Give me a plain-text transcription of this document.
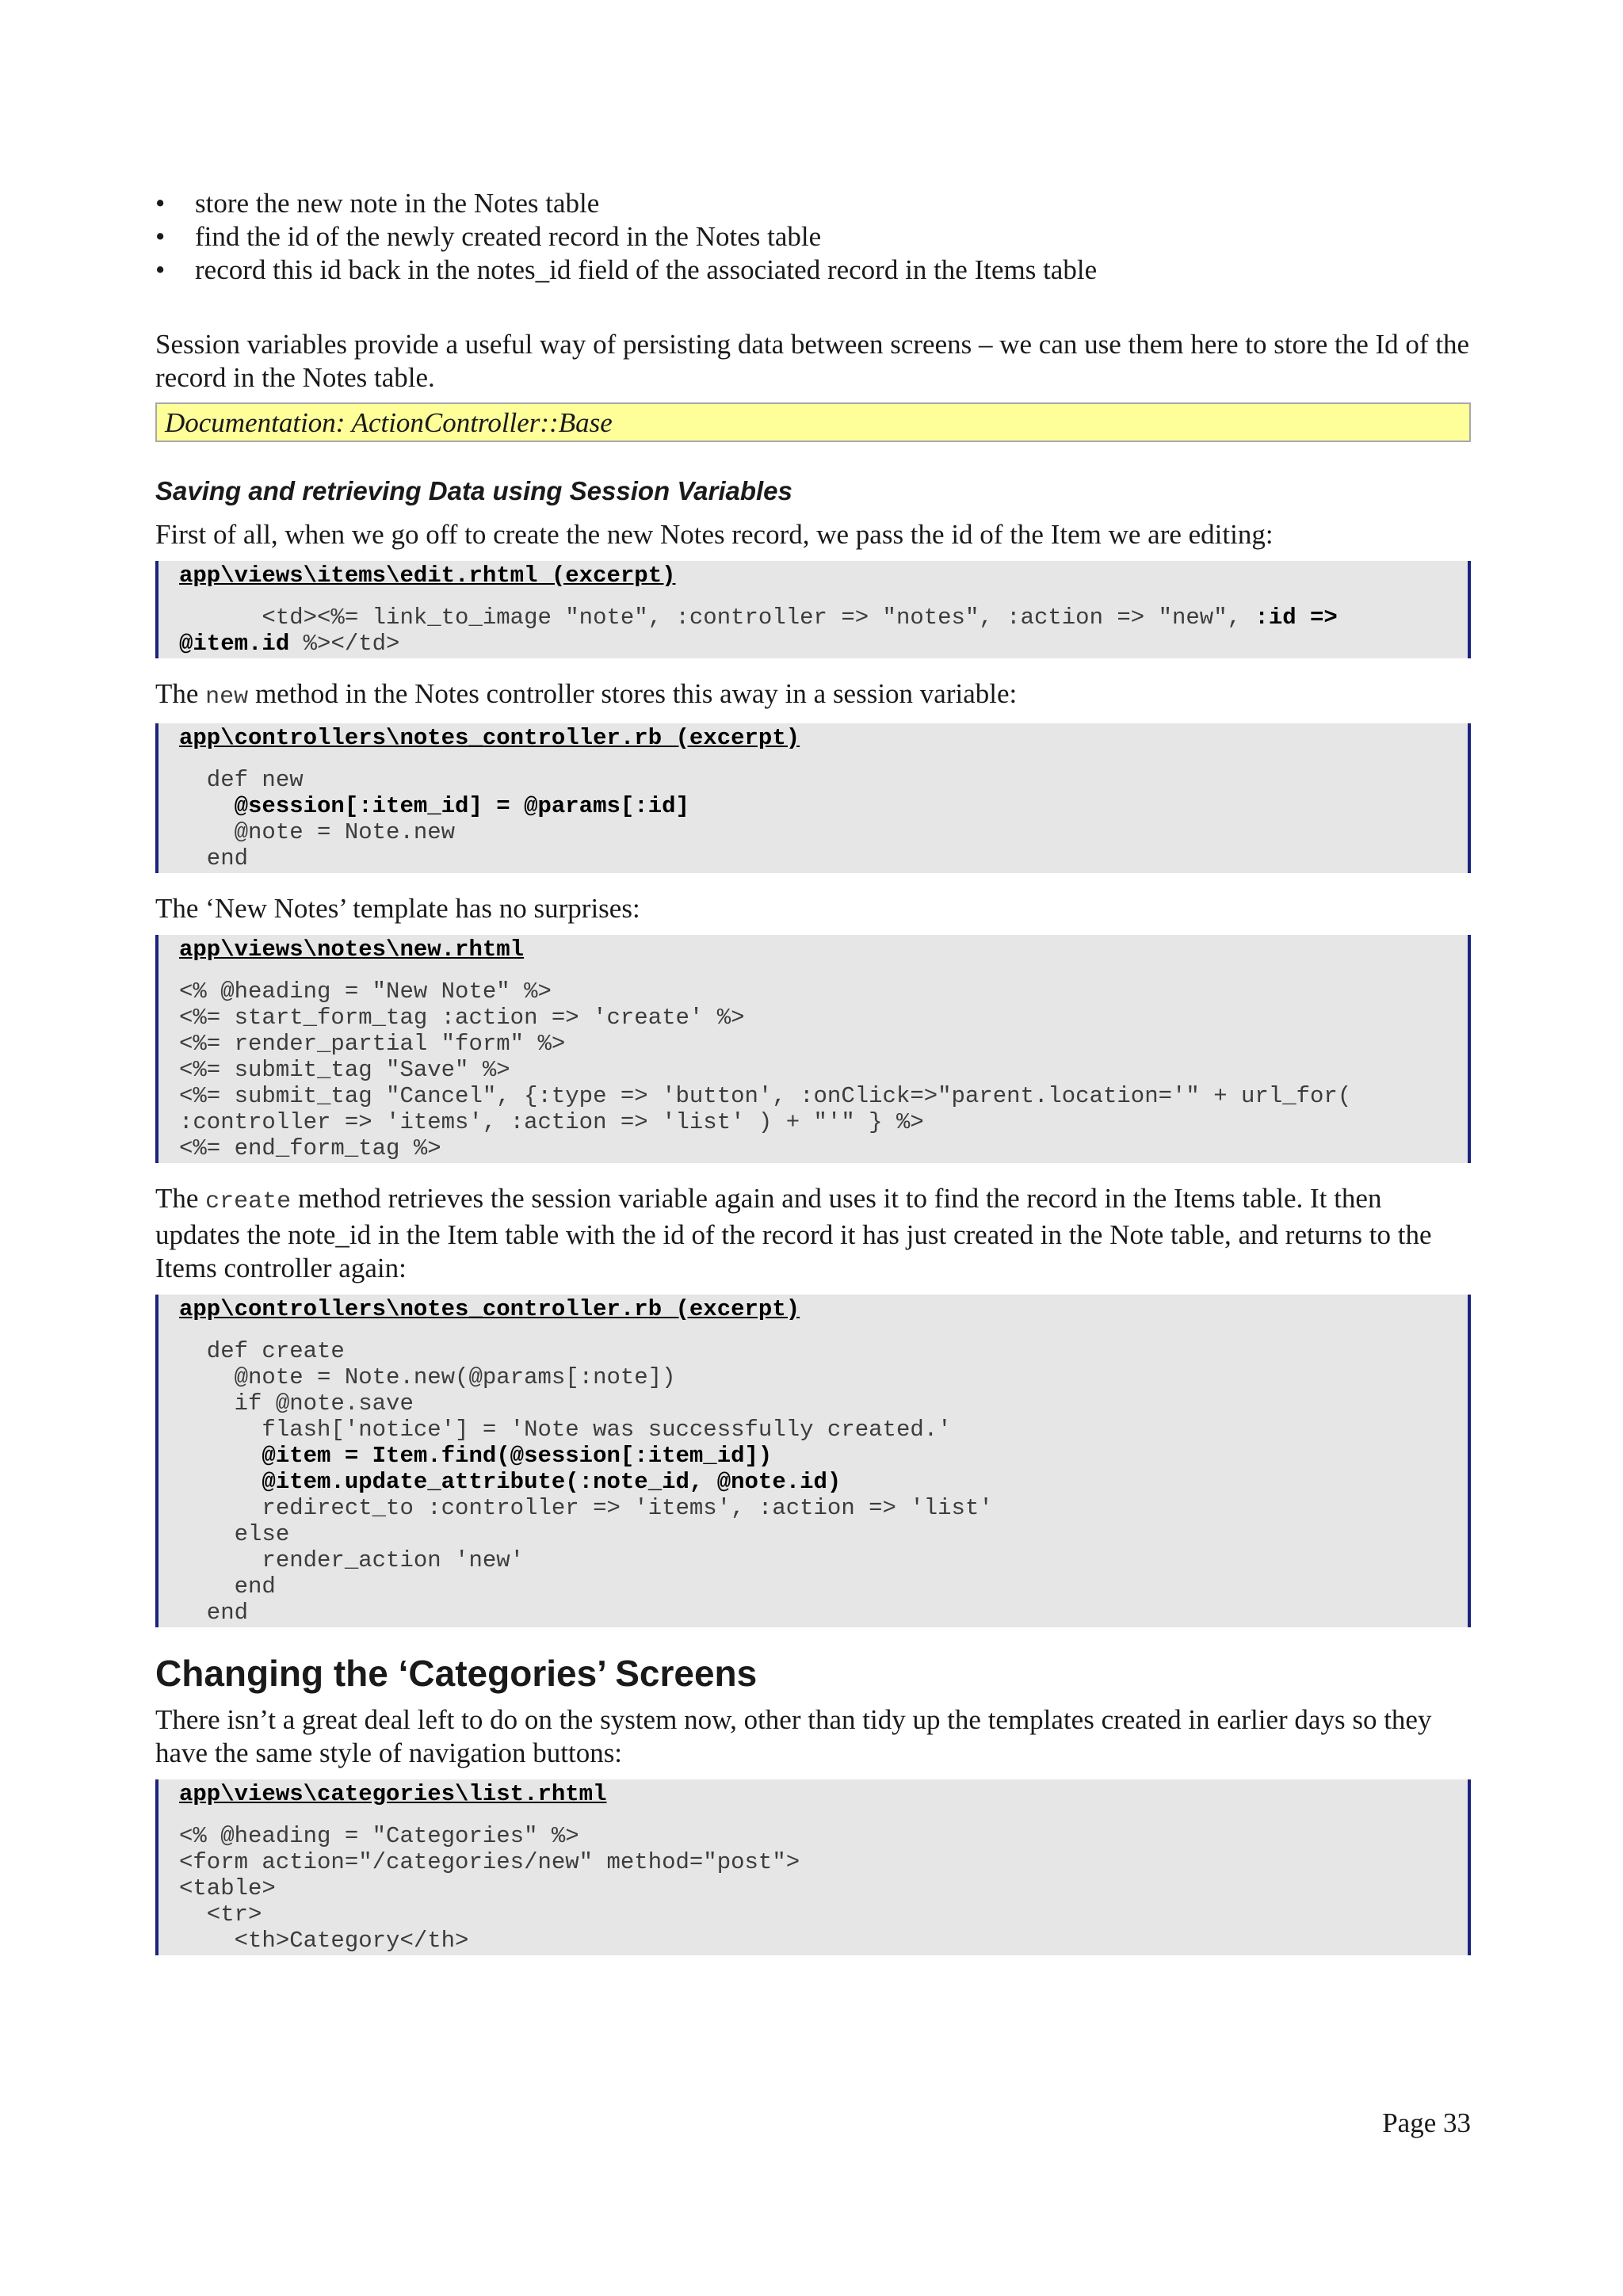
• store the new note in the Notes table
• find the id of the newly created record in the Notes table
• record this id back in the notes_id field of the associated record in the Items table

Session variables provide a useful way of persisting data between screens – we can use them here to store the Id of the record in the Notes table.

Documentation: ActionController::Base
Saving and retrieving Data using Session Variables

First of all, when we go off to create the new Notes record, we pass the id of the Item we are editing:

app\views\items\edit.rhtml (excerpt)
<td><%= link_to_image "note", :controller => "notes", :action => "new", :id =>
@item.id %></td>

The new method in the Notes controller stores this away in a session variable:

app\controllers\notes_controller.rb (excerpt)
def new
@session[:item_id] = @params[:id]
@note = Note.new
end

The ‘New Notes’ template has no surprises:

app\views\notes\new.rhtml
<% @heading = "New Note" %>
<%= start_form_tag :action => 'create' %>
<%= render_partial "form" %>
<%= submit_tag "Save" %>
<%= submit_tag "Cancel", {:type => 'button', :onClick=>"parent.location='" + url_for(
:controller => 'items', :action => 'list' ) + "'" } %>
<%= end_form_tag %>

The create method retrieves the session variable again and uses it to find the record in the Items table. It then updates the note_id in the Item table with the id of the record it has just created in the Note table, and returns to the Items controller again:

app\controllers\notes_controller.rb (excerpt)
def create
@note = Note.new(@params[:note])
if @note.save
flash['notice'] = 'Note was successfully created.'
@item = Item.find(@session[:item_id])
@item.update_attribute(:note_id, @note.id)
redirect_to :controller => 'items', :action => 'list'
else
render_action 'new'
end
end
Changing the ‘Categories’ Screens

There isn’t a great deal left to do on the system now, other than tidy up the templates created in earlier days so they have the same style of navigation buttons:

app\views\categories\list.rhtml
<% @heading = "Categories" %>
<form action="/categories/new" method="post">
<table>
<tr>
<th>Category</th>
Page 33
